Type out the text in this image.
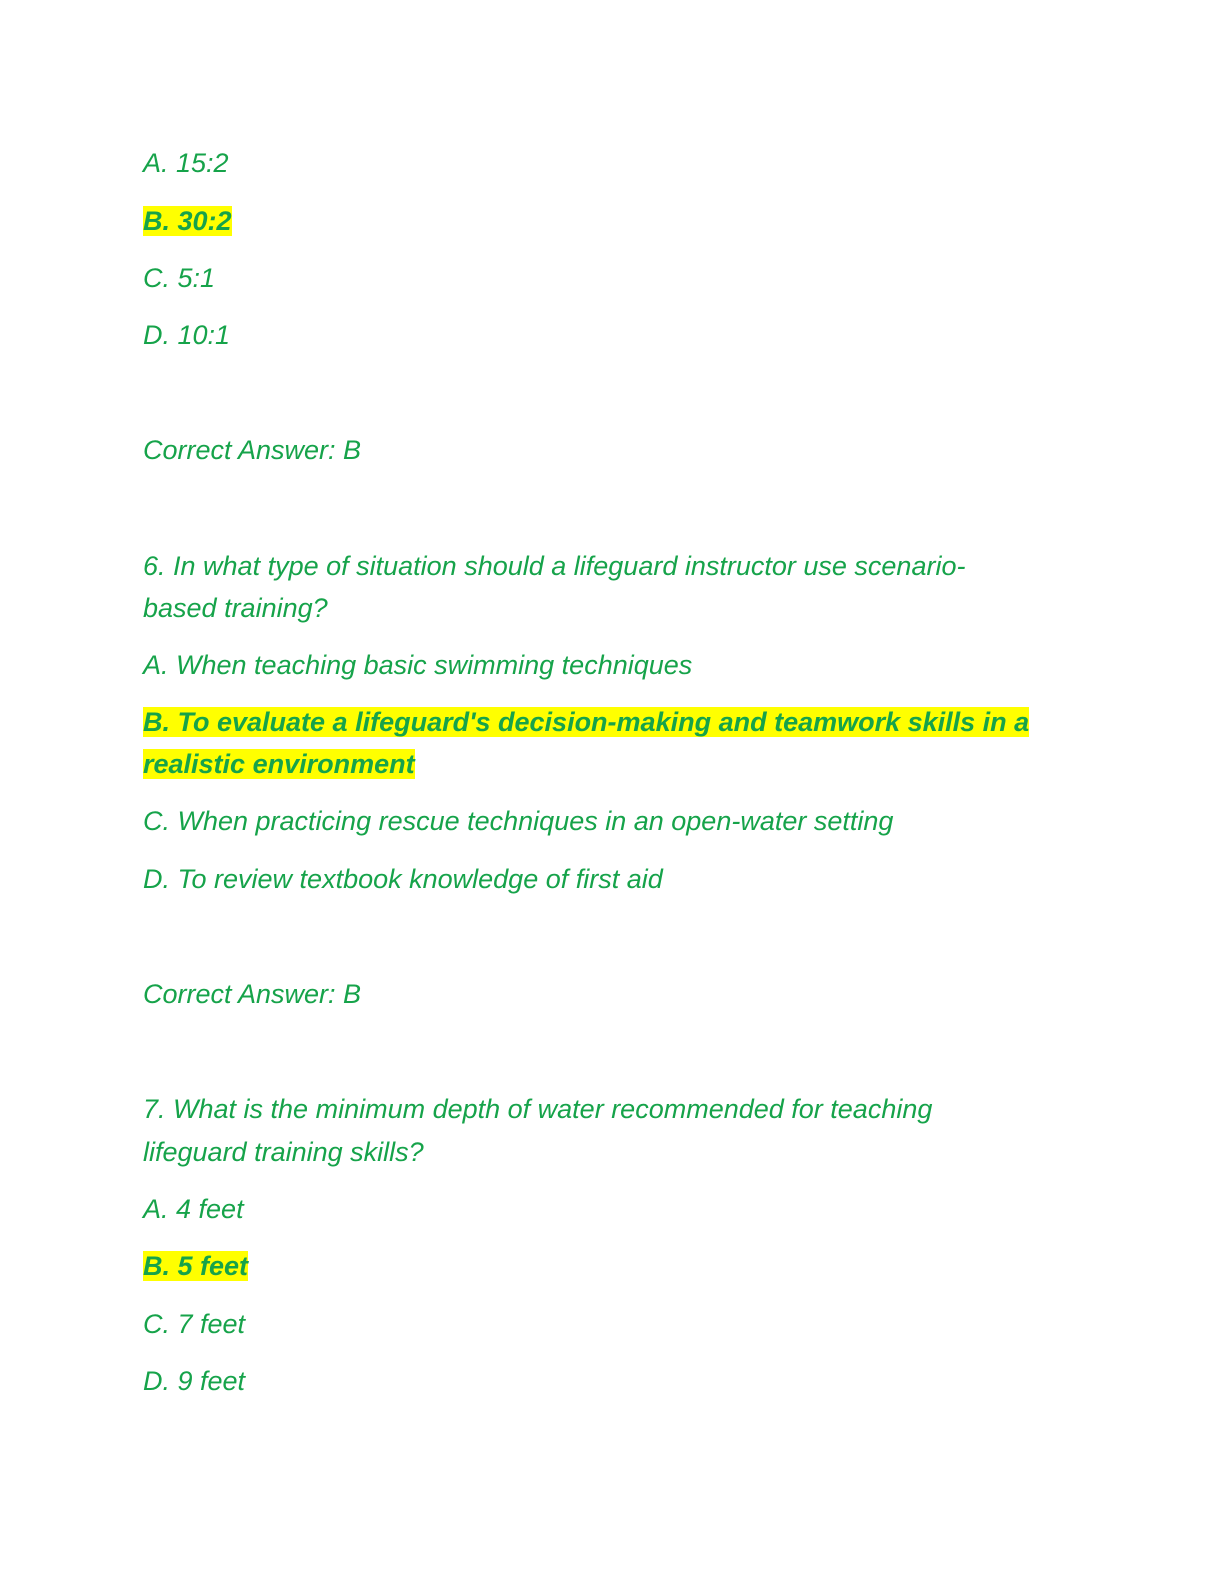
A. 15:2

B. 30:2

C. 5:1

D. 10:1

Correct Answer: B

6. In what type of situation should a lifeguard instructor use scenario-

based training?

A. When teaching basic swimming techniques

B. To evaluate a lifeguard's decision-making and teamwork skills in a

realistic environment

C. When practicing rescue techniques in an open-water setting

D. To review textbook knowledge of first aid

Correct Answer: B

7. What is the minimum depth of water recommended for teaching

lifeguard training skills?

A. 4 feet

B. 5 feet

C. 7 feet

D. 9 feet
